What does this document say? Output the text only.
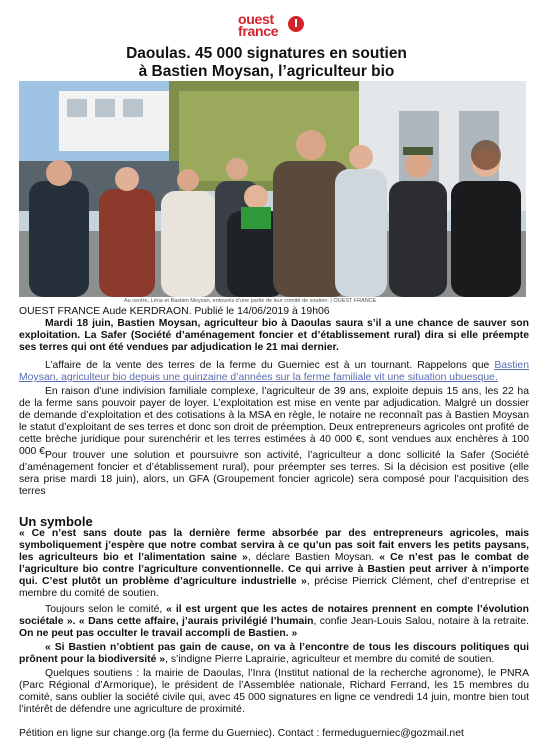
ouest
france
Daoulas. 45 000 signatures en soutien
à Bastien Moysan, l’agriculteur bio
Au centre, Léna et Bastien Moysan, entourés d’une partie de leur comité de soutien. | OUEST FRANCE
OUEST FRANCE Aude KERDRAON. Publié le 14/06/2019 à 19h06
Mardi 18 juin, Bastien Moysan, agriculteur bio à Daoulas saura s’il a une chance de sauver son exploitation. La Safer (Société d’aménagement foncier et d’établissement rural) dira si elle préempte ses terres qui ont été vendues par adjudication le 21 mai dernier.
L’affaire de la vente des terres de la ferme du Guerniec est à un tournant. Rappelons que Bastien Moysan, agriculteur bio depuis une quinzaine d’années sur la ferme familiale vit une situation ubuesque.
En raison d’une indivision familiale complexe, l’agriculteur de 39 ans, exploite depuis 15 ans, les 22 ha de la ferme sans pouvoir payer de loyer. L’exploitation est mise en vente par adjudication. Malgré un dossier de demande d’exploitation et des cotisations à la MSA en règle, le notaire ne reconnaît pas à Bastien Moysan le statut d’exploitant de ses terres et donc son droit de préemption. Deux entrepreneurs agricoles ont profité de cette brèche juridique pour surenchérir et les terres estimées à 40 000 €, sont vendues aux enchères à 100 000 €.
Pour trouver une solution et poursuivre son activité, l’agriculteur a donc sollicité la Safer (Société d’aménagement foncier et d’établissement rural), pour préempter ses terres. Si la décision est positive (elle sera prise mardi 18 juin), alors, un GFA (Groupement foncier agricole) sera composé pour l’acquisition des terres
Un symbole
« Ce n’est sans doute pas la dernière ferme absorbée par des entrepreneurs agricoles, mais symboliquement j’espère que notre combat servira à ce qu’un pas soit fait envers les petits paysans, les agriculteurs bio et l’alimentation saine », déclare Bastien Moysan. « Ce n’est pas le combat de l’agriculture bio contre l’agriculture conventionnelle. Ce qui arrive à Bastien peut arriver à n’importe qui. C’est plutôt un problème d’agriculture industrielle », précise Pierrick Clément, chef d’entreprise et membre du comité de soutien.
Toujours selon le comité, « il est urgent que les actes de notaires prennent en compte l’évolution sociétale ». « Dans cette affaire, j’aurais privilégié l’humain, confie Jean-Louis Salou, notaire à la retraite. On ne peut pas occulter le travail accompli de Bastien. »
« Si Bastien n’obtient pas gain de cause, on va à l’encontre de tous les discours politiques qui prônent pour la biodiversité », s’indigne Pierre Laprairie, agriculteur et membre du comité de soutien.
Quelques soutiens : la mairie de Daoulas, l’Inra (Institut national de la recherche agronome), le PNRA (Parc Régional d’Armorique), le président de l’Assemblée nationale, Richard Ferrand, les 15 membres du comité, sans oublier la société civile qui, avec 45 000 signatures en ligne ce vendredi 14 juin, montre bien tout l’intérêt de défendre une agriculture de proximité.
Pétition en ligne sur change.org (la ferme du Guerniec). Contact : fermeduguerniec@gozmail.net
